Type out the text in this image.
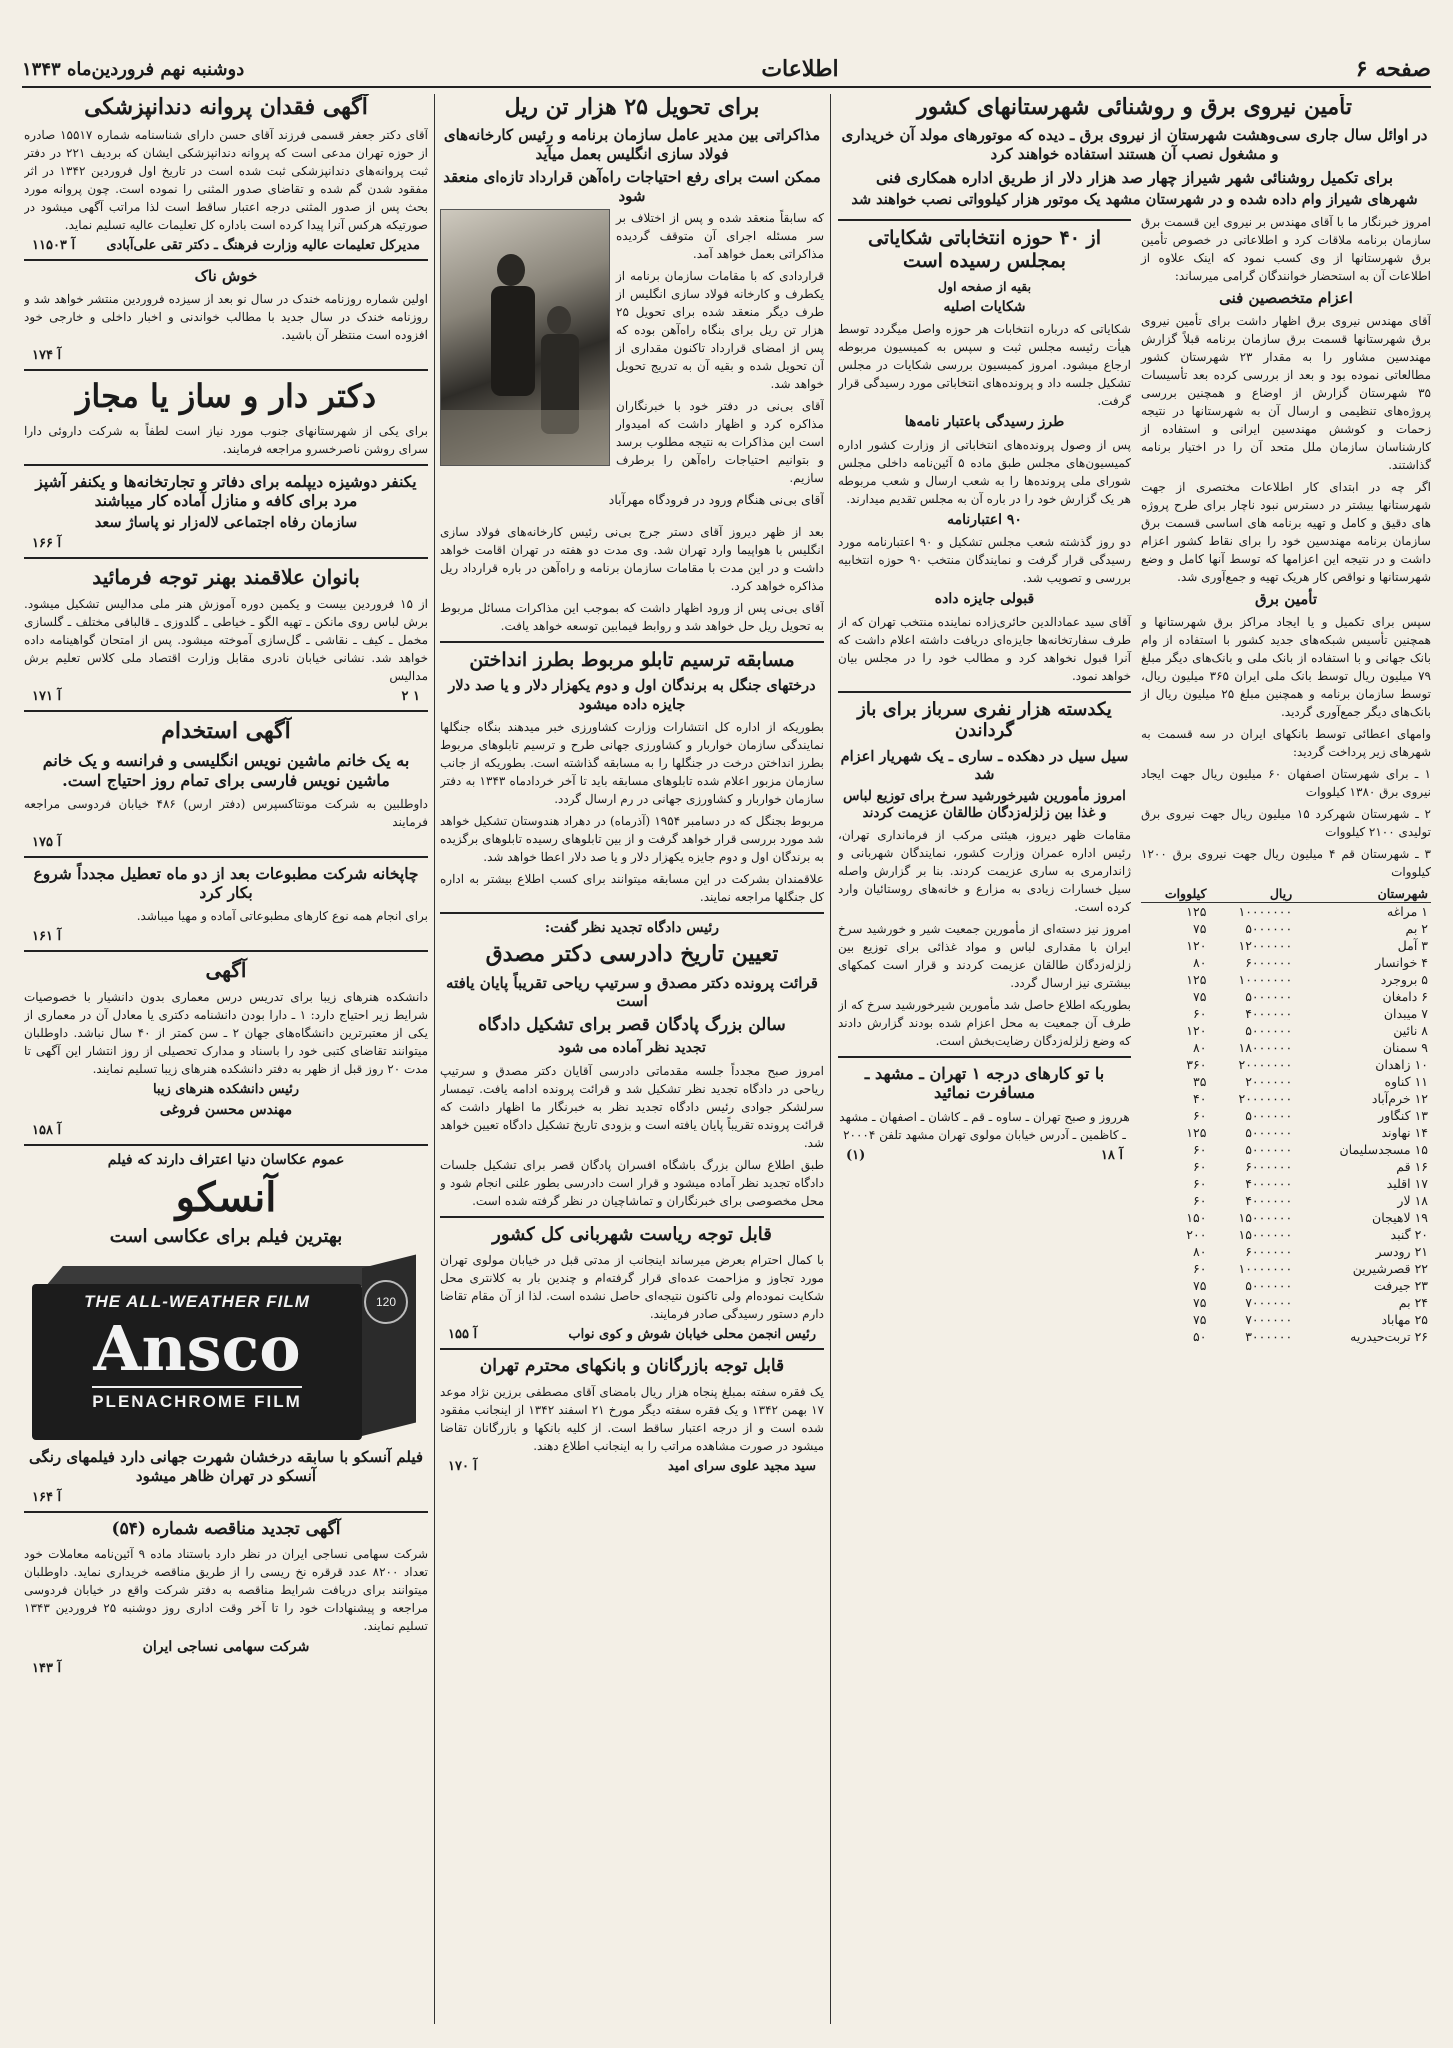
صفحه ۶
اطلاعات
دوشنبه نهم فروردین‌ماه ۱۳۴۳
تأمین نیروی برق و روشنائی شهرستانهای کشور
در اوائل سال جاری سی‌وهشت شهرستان از نیروی برق ـ دیده که موتورهای مولد آن خریداری و مشغول نصب آن هستند استفاده خواهند کرد
برای تکمیل روشنائی شهر شیراز چهار صد هزار دلار از طریق اداره همکاری فنی
شهرهای شیراز وام داده شده و در شهرستان مشهد یک موتور هزار کیلوواتی نصب خواهند شد

امروز خبرنگار ما با آقای مهندس بر نیروی این قسمت برق سازمان برنامه ملاقات کرد و اطلاعاتی در خصوص تأمین برق شهرستانها از وی کسب نمود که اینک علاوه از اطلاعات آن به استحضار خوانندگان گرامی میرساند:

اعزام متخصصین فنی

آقای مهندس نیروی برق اظهار داشت برای تأمین نیروی برق شهرستانها قسمت برق سازمان برنامه قبلاً گزارش مهندسین مشاور را به مقدار ۲۳ شهرستان کشور مطالعاتی نموده بود و بعد از بررسی کرده بعد تأسیسات ۳۵ شهرستان گزارش از اوضاع و همچنین بررسی پروژه‌های تنظیمی و ارسال آن به شهرستانها در نتیجه زحمات و کوشش مهندسین ایرانی و استفاده از کارشناسان سازمان ملل متحد آن را در اختیار برنامه گذاشتند.

اگر چه در ابتدای کار اطلاعات مختصری از جهت شهرستانها بیشتر در دسترس نبود ناچار برای طرح پروژه های دقیق و کامل و تهیه برنامه های اساسی قسمت برق سازمان برنامه مهندسین خود را برای نقاط کشور اعزام داشت و در نتیجه این اعزامها که توسط آنها کامل و وضع شهرستانها و نواقص کار هریک تهیه و جمع‌آوری شد.

تأمین برق

سپس برای تکمیل و یا ایجاد مراکز برق شهرستانها و همچنین تأسیس شبکه‌های جدید کشور با استفاده از وام بانک جهانی و با استفاده از بانک ملی و بانک‌های دیگر مبلغ ۷۹ میلیون ریال توسط بانک ملی ایران ۳۶۵ میلیون ریال، توسط سازمان برنامه و همچنین مبلغ ۲۵ میلیون ریال از بانک‌های دیگر جمع‌آوری گردید.

وامهای اعطائی توسط بانکهای ایران در سه قسمت به شهرهای زیر پرداخت گردید:

۱ ـ برای شهرستان اصفهان ۶۰ میلیون ریال جهت ایجاد نیروی برق ۱۳۸۰ کیلووات

۲ ـ شهرستان شهرکرد ۱۵ میلیون ریال جهت نیروی برق تولیدی ۲۱۰۰ کیلووات

۳ ـ شهرستان قم ۴ میلیون ریال جهت نیروی برق ۱۲۰۰ کیلووات

شهرستان	ریال	کیلووات
۱ مراغه	۱۰۰۰۰۰۰۰	۱۲۵
۲ بم	۵۰۰۰۰۰۰	۷۵
۳ آمل	۱۲۰۰۰۰۰۰	۱۲۰
۴ خوانسار	۶۰۰۰۰۰۰	۸۰
۵ بروجرد	۱۰۰۰۰۰۰۰	۱۲۵
۶ دامغان	۵۰۰۰۰۰۰	۷۵
۷ میبدان	۴۰۰۰۰۰۰	۶۰
۸ نائین	۵۰۰۰۰۰۰	۱۲۰
۹ سمنان	۱۸۰۰۰۰۰۰	۸۰
۱۰ زاهدان	۲۰۰۰۰۰۰۰	۳۶۰
۱۱ کناوه	۲۰۰۰۰۰۰	۳۵
۱۲ خرم‌آباد	۲۰۰۰۰۰۰۰	۴۰
۱۳ کنگاور	۵۰۰۰۰۰۰	۶۰
۱۴ نهاوند	۵۰۰۰۰۰۰	۱۲۵
۱۵ مسجدسلیمان	۵۰۰۰۰۰۰	۶۰
۱۶ قم	۶۰۰۰۰۰۰	۶۰
۱۷ اقلید	۴۰۰۰۰۰۰	۶۰
۱۸ لار	۴۰۰۰۰۰۰	۶۰
۱۹ لاهیجان	۱۵۰۰۰۰۰۰	۱۵۰
۲۰ گنبد	۱۵۰۰۰۰۰۰	۲۰۰
۲۱ رودسر	۶۰۰۰۰۰۰	۸۰
۲۲ قصرشیرین	۱۰۰۰۰۰۰۰	۶۰
۲۳ جیرفت	۵۰۰۰۰۰۰	۷۵
۲۴ بم	۷۰۰۰۰۰۰	۷۵
۲۵ مهاباد	۷۰۰۰۰۰۰	۷۵
۲۶ تربت‌حیدریه	۳۰۰۰۰۰۰	۵۰
از ۴۰ حوزه انتخاباتی شکایاتی بمجلس رسیده است
بقیه از صفحه اول
شکایات اصلیه

شکایاتی که درباره انتخابات هر حوزه واصل میگردد توسط هیأت رئیسه مجلس ثبت و سپس به کمیسیون مربوطه ارجاع میشود. امروز کمیسیون بررسی شکایات در مجلس تشکیل جلسه داد و پرونده‌های انتخاباتی مورد رسیدگی قرار گرفت.

طرز رسیدگی باعتبار نامه‌ها

پس از وصول پرونده‌های انتخاباتی از وزارت کشور اداره کمیسیون‌های مجلس طبق ماده ۵ آئین‌نامه داخلی مجلس شورای ملی پرونده‌ها را به شعب ارسال و شعب مربوطه هر یک گزارش خود را در باره آن به مجلس تقدیم میدارند.

۹۰ اعتبارنامه

دو روز گذشته شعب مجلس تشکیل و ۹۰ اعتبارنامه مورد رسیدگی قرار گرفت و نمایندگان منتخب ۹۰ حوزه انتخابیه بررسی و تصویب شد.

قبولی جایزه داده

آقای سید عمادالدین حائری‌زاده نماینده منتخب تهران که از طرف سفارتخانه‌ها جایزه‌ای دریافت داشته اعلام داشت که آنرا قبول نخواهد کرد و مطالب خود را در مجلس بیان خواهد نمود.

یکدسته هزار نفری سرباز برای باز گرداندن
سیل سیل در دهکده ـ ساری ـ یک شهریار اعزام شد
امروز مأمورین شیرخورشید سرخ برای توزیع لباس و غذا بین زلزله‌زدگان طالقان عزیمت کردند

مقامات ظهر دیروز، هیئتی مرکب از فرمانداری تهران، رئیس اداره عمران وزارت کشور، نمایندگان شهربانی و ژاندارمری به ساری عزیمت کردند. بنا بر گزارش واصله سیل خسارات زیادی به مزارع و خانه‌های روستائیان وارد کرده است.

امروز نیز دسته‌ای از مأمورین جمعیت شیر و خورشید سرخ ایران با مقداری لباس و مواد غذائی برای توزیع بین زلزله‌زدگان طالقان عزیمت کردند و قرار است کمکهای بیشتری نیز ارسال گردد.

بطوریکه اطلاع حاصل شد مأمورین شیرخورشید سرخ که از طرف آن جمعیت به محل اعزام شده بودند گزارش دادند که وضع زلزله‌زدگان رضایت‌بخش است.

با تو کارهای درجه ۱ تهران ـ مشهد ـ مسافرت نمائید

هرروز و صبح تهران ـ ساوه ـ قم ـ کاشان ـ اصفهان ـ مشهد ـ کاظمین ـ آدرس خیابان مولوی تهران مشهد تلفن ۲۰۰۰۴

(۱)	آ ۱۸
برای تحویل ۲۵ هزار تن ریل
مذاکراتی بین مدیر عامل سازمان برنامه و رئیس کارخانه‌های فولاد سازی انگلیس بعمل میآید
ممکن است برای رفع احتیاجات راه‌آهن قرارداد تازه‌ای منعقد شود

که سابقاً منعقد شده و پس از اختلاف بر سر مسئله اجرای آن متوقف گردیده مذاکراتی بعمل خواهد آمد.

قراردادی که با مقامات سازمان برنامه از یکطرف و کارخانه فولاد سازی انگلیس از طرف دیگر منعقد شده برای تحویل ۲۵ هزار تن ریل برای بنگاه راه‌آهن بوده که پس از امضای قرارداد تاکنون مقداری از آن تحویل شده و بقیه آن به تدریج تحویل خواهد شد.

آقای بی‌نی در دفتر خود با خبرنگاران مذاکره کرد و اظهار داشت که امیدوار است این مذاکرات به نتیجه مطلوب برسد و بتوانیم احتیاجات راه‌آهن را برطرف سازیم.

آقای بی‌نی هنگام ورود در فرودگاه مهرآباد

بعد از ظهر دیروز آقای دستر جرج بی‌نی رئیس کارخانه‌های فولاد سازی انگلیس با هواپیما وارد تهران شد. وی مدت دو هفته در تهران اقامت خواهد داشت و در این مدت با مقامات سازمان برنامه و راه‌آهن در باره قرارداد ریل مذاکره خواهد کرد.

آقای بی‌نی پس از ورود اظهار داشت که بموجب این مذاکرات مسائل مربوط به تحویل ریل حل خواهد شد و روابط فیمابین توسعه خواهد یافت.

مسابقه ترسیم تابلو مربوط بطرز انداختن
درختهای جنگل به برندگان اول و دوم یکهزار دلار و یا صد دلار جایزه داده میشود

بطوریکه از اداره کل انتشارات وزارت کشاورزی خبر میدهند بنگاه جنگلها نمایندگی سازمان خواربار و کشاورزی جهانی طرح و ترسیم تابلوهای مربوط بطرز انداختن درخت در جنگلها را به مسابقه گذاشته است. بطوریکه از جانب سازمان مزبور اعلام شده تابلوهای مسابقه باید تا آخر خردادماه ۱۳۴۳ به دفتر سازمان خواربار و کشاورزی جهانی در رم ارسال گردد.

مربوط بجنگل که در دسامبر ۱۹۵۴ (آذرماه) در دهراد هندوستان تشکیل خواهد شد مورد بررسی قرار خواهد گرفت و از بین تابلوهای رسیده تابلوهای برگزیده به برندگان اول و دوم جایزه یکهزار دلار و یا صد دلار اعطا خواهد شد.

علاقمندان بشرکت در این مسابقه میتوانند برای کسب اطلاع بیشتر به اداره کل جنگلها مراجعه نمایند.

رئیس دادگاه تجدید نظر گفت:
تعیین تاریخ دادرسی دکتر مصدق
قرائت پرونده دکتر مصدق و سرتیپ ریاحی تقریباً پایان یافته است
سالن بزرگ پادگان قصر برای تشکیل دادگاه
تجدید نظر آماده می شود

امروز صبح مجدداً جلسه مقدماتی دادرسی آقایان دکتر مصدق و سرتیپ ریاحی در دادگاه تجدید نظر تشکیل شد و قرائت پرونده ادامه یافت. تیمسار سرلشکر جوادی رئیس دادگاه تجدید نظر به خبرنگار ما اظهار داشت که قرائت پرونده تقریباً پایان یافته است و بزودی تاریخ تشکیل دادگاه تعیین خواهد شد.

طبق اطلاع سالن بزرگ باشگاه افسران پادگان قصر برای تشکیل جلسات دادگاه تجدید نظر آماده میشود و قرار است دادرسی بطور علنی انجام شود و محل مخصوصی برای خبرنگاران و تماشاچیان در نظر گرفته شده است.

قابل توجه ریاست شهربانی کل کشور

با کمال احترام بعرض میرساند اینجانب از مدتی قبل در خیابان مولوی تهران مورد تجاوز و مزاحمت عده‌ای قرار گرفته‌ام و چندین بار به کلانتری محل شکایت نموده‌ام ولی تاکنون نتیجه‌ای حاصل نشده است. لذا از آن مقام تقاضا دارم دستور رسیدگی صادر فرمایند.

آ ۱۵۵	رئیس انجمن محلی خیابان شوش و کوی نواب
قابل توجه بازرگانان و بانکهای محترم تهران

یک فقره سفته بمبلغ پنجاه هزار ریال بامضای آقای مصطفی برزین نژاد موعد ۱۷ بهمن ۱۳۴۲ و یک فقره سفته دیگر مورخ ۲۱ اسفند ۱۳۴۲ از اینجانب مفقود شده است و از درجه اعتبار ساقط است. از کلیه بانکها و بازرگانان تقاضا میشود در صورت مشاهده مراتب را به اینجانب اطلاع دهند.

آ ۱۷۰	سید مجید علوی سرای امید
آگهی فقدان پروانه دندانپزشکی

آقای دکتر جعفر قسمی فرزند آقای حسن دارای شناسنامه شماره ۱۵۵۱۷ صادره از حوزه تهران مدعی است که پروانه دندانپزشکی ایشان که بردیف ۲۲۱ در دفتر ثبت پروانه‌های دندانپزشکی ثبت شده است در تاریخ اول فروردین ۱۳۴۲ در اثر مفقود شدن گم شده و تقاضای صدور المثنی را نموده است. چون پروانه مورد بحث پس از صدور المثنی درجه اعتبار ساقط است لذا مراتب آگهی میشود در صورتیکه هرکس آنرا پیدا کرده است باداره کل تعلیمات عالیه تسلیم نماید.

آ ۱۱۵۰۳ مدیرکل تعلیمات عالیه وزارت فرهنگ ـ دکتر تقی علی‌آبادی
خوش ناک

اولین شماره روزنامه خندک در سال نو بعد از سیزده فروردین منتشر خواهد شد و روزنامه خندک در سال جدید با مطالب خواندنی و اخبار داخلی و خارجی خود افزوده است منتظر آن باشید.

آ ۱۷۴
دکتر دار و ساز یا مجاز

برای یکی از شهرستانهای جنوب مورد نیاز است لطفاً به شرکت داروئی دارا سرای روشن ناصرخسرو مراجعه فرمایند.

یکنفر دوشیزه دیپلمه برای دفاتر و تجارتخانه‌ها و یکنفر آشپز مرد برای کافه و منازل آماده کار میباشند
سازمان رفاه اجتماعی لاله‌زار نو پاساژ سعد
آ ۱۶۶
بانوان علاقمند بهنر توجه فرمائید

از ۱۵ فروردین بیست و یکمین دوره آموزش هنر ملی مدالیس تشکیل میشود. برش لباس روی مانکن ـ تهیه الگو ـ خیاطی ـ گلدوزی ـ قالبافی مختلف ـ گلسازی مخمل ـ کیف ـ نقاشی ـ گل‌سازی آموخته میشود. پس از امتحان گواهینامه داده خواهد شد. نشانی خیابان نادری مقابل وزارت اقتصاد ملی کلاس تعلیم برش مدالیس

آ ۱۷۱	۲ ۱
آگهی استخدام
به یک خانم ماشین نویس انگلیسی و فرانسه و یک خانم ماشین نویس فارسی برای تمام روز احتیاج است.

داوطلبین به شرکت مونتاکسپرس (دفتر ارس) ۴۸۶ خیابان فردوسی مراجعه فرمایند

آ ۱۷۵
چاپخانه شرکت مطبوعات بعد از دو ماه تعطیل مجدداً شروع بکار کرد

برای انجام همه نوع کارهای مطبوعاتی آماده و مهیا میباشد.

آ ۱۶۱
آگهی

دانشکده هنرهای زیبا برای تدریس درس معماری بدون دانشیار با خصوصیات شرایط زیر احتیاج دارد: ۱ ـ دارا بودن دانشنامه دکتری یا معادل آن در معماری از یکی از معتبرترین دانشگاه‌های جهان ۲ ـ سن کمتر از ۴۰ سال نباشد. داوطلبان میتوانند تقاضای کتبی خود را باسناد و مدارک تحصیلی از روز انتشار این آگهی تا مدت ۲۰ روز قبل از ظهر به دفتر دانشکده هنرهای زیبا تسلیم نمایند.

رئیس دانشکده هنرهای زیبا
مهندس محسن فروغی
آ ۱۵۸
عموم عکاسان دنیا اعتراف دارند که فیلم
آنسکو
بهترین فیلم برای عکاسی است
120
THE ALL-WEATHER FILM
Ansco
PLENACHROME FILM
فیلم آنسکو با سابقه درخشان شهرت جهانی دارد فیلمهای رنگی آنسکو در تهران ظاهر میشود
آ ۱۶۴
آگهی تجدید مناقصه شماره (۵۴)

شرکت سهامی نساجی ایران در نظر دارد باستناد ماده ۹ آئین‌نامه معاملات خود تعداد ۸۲۰۰ عدد قرقره نخ ریسی را از طریق مناقصه خریداری نماید. داوطلبان میتوانند برای دریافت شرایط مناقصه به دفتر شرکت واقع در خیابان فردوسی مراجعه و پیشنهادات خود را تا آخر وقت اداری روز دوشنبه ۲۵ فروردین ۱۳۴۳ تسلیم نمایند.

شرکت سهامی نساجی ایران
آ ۱۴۳
